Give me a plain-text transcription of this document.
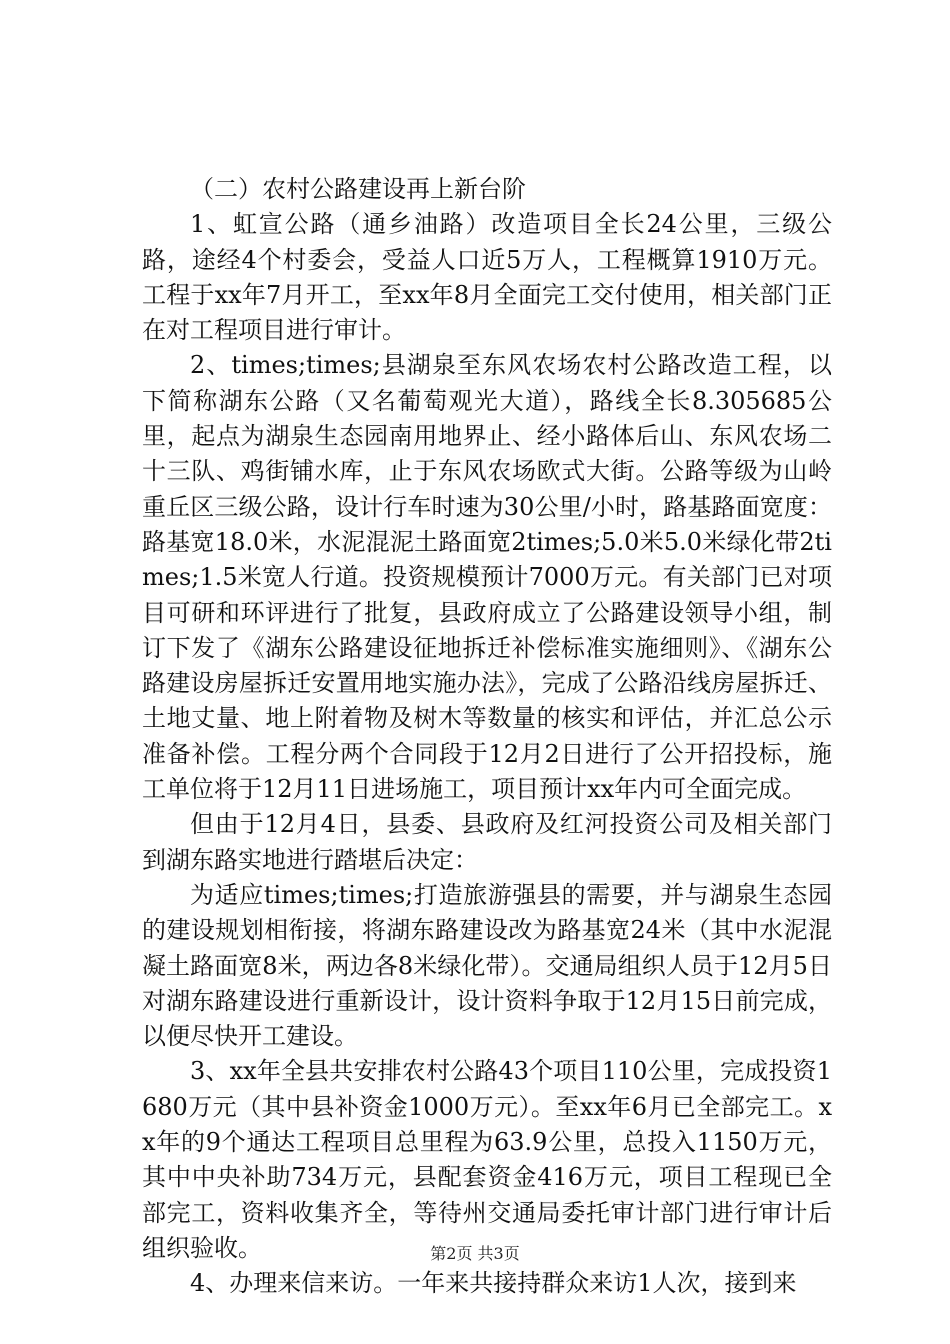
（二）农村公路建设再上新台阶

1、虹宣公路（通乡油路）改造项目全长24公里，三级公路，途经4个村委会，受益人口近5万人，工程概算1910万元。工程于xx年7月开工，至xx年8月全面完工交付使用，相关部门正在对工程项目进行审计。

2、times;times;县湖泉至东风农场农村公路改造工程，以下简称湖东公路（又名葡萄观光大道），路线全长8.305685公里，起点为湖泉生态园南用地界止、经小路体后山、东风农场二十三队、鸡街铺水库，止于东风农场欧式大街。公路等级为山岭重丘区三级公路，设计行车时速为30公里/小时，路基路面宽度：路基宽18.0米，水泥混泥土路面宽2times;5.0米5.0米绿化带2times;1.5米宽人行道。投资规模预计7000万元。有关部门已对项目可研和环评进行了批复，县政府成立了公路建设领导小组，制订下发了《湖东公路建设征地拆迁补偿标准实施细则》、《湖东公路建设房屋拆迁安置用地实施办法》，完成了公路沿线房屋拆迁、土地丈量、地上附着物及树木等数量的核实和评估，并汇总公示准备补偿。工程分两个合同段于12月2日进行了公开招投标，施工单位将于12月11日进场施工，项目预计xx年内可全面完成。

但由于12月4日，县委、县政府及红河投资公司及相关部门到湖东路实地进行踏堪后决定：

为适应times;times;打造旅游强县的需要，并与湖泉生态园的建设规划相衔接，将湖东路建设改为路基宽24米（其中水泥混凝土路面宽8米，两边各8米绿化带）。交通局组织人员于12月5日对湖东路建设进行重新设计，设计资料争取于12月15日前完成，以便尽快开工建设。

3、xx年全县共安排农村公路43个项目110公里，完成投资1680万元（其中县补资金1000万元）。至xx年6月已全部完工。xx年的9个通达工程项目总里程为63.9公里，总投入1150万元，其中中央补助734万元，县配套资金416万元，项目工程现已全部完工，资料收集齐全，等待州交通局委托审计部门进行审计后组织验收。

4、办理来信来访。一年来共接持群众来访1人次，接到来

第2页 共3页
